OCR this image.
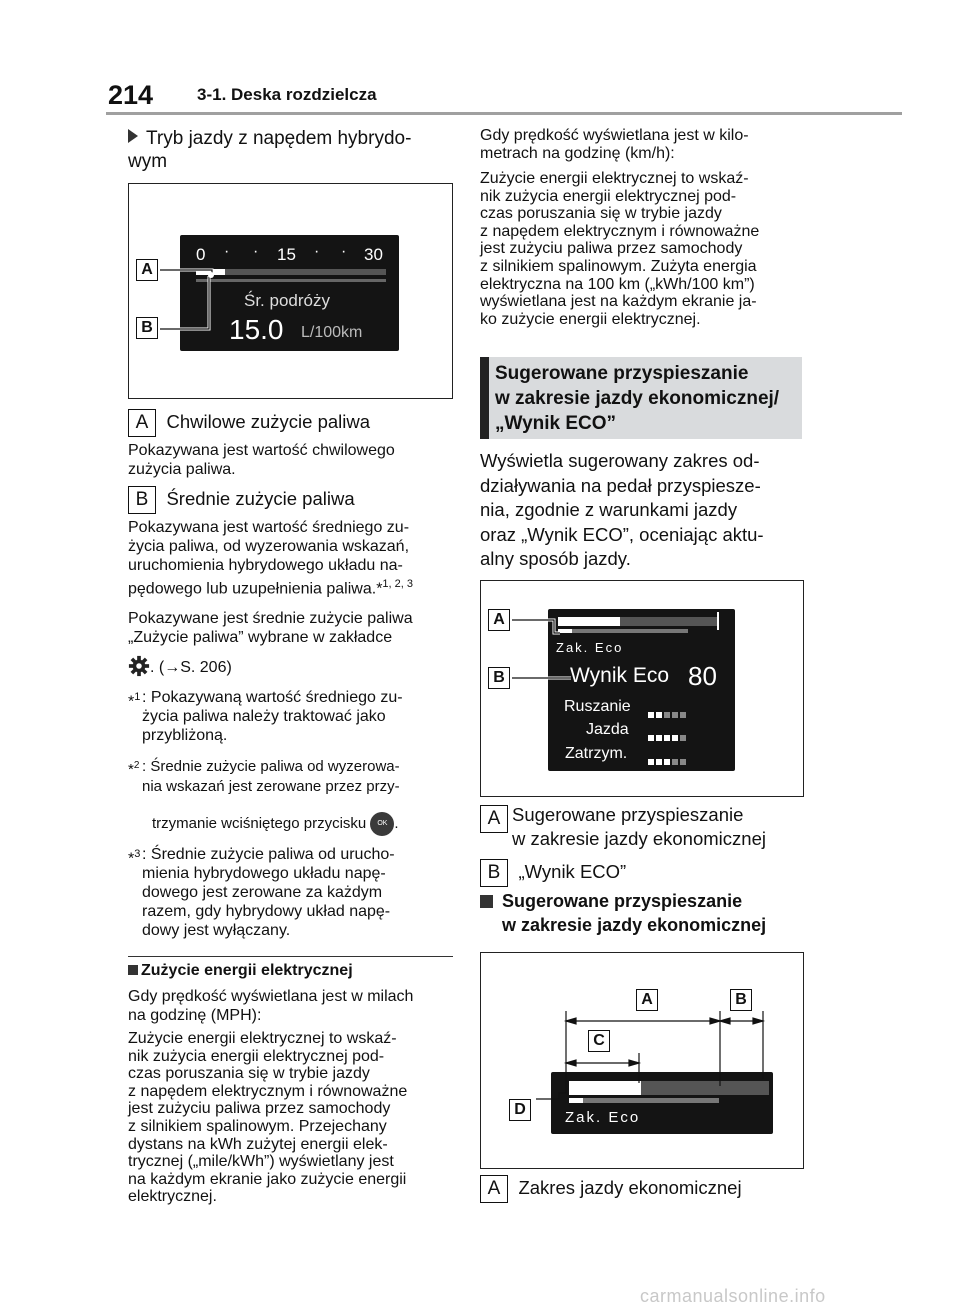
214	3-1. Deska rozdzielcza
Tryb jazdy z napędem hybrydo-
wym
0 · · 15 · · 30
Śr. podróży
15.0 L/100km
A
B
A Chwilowe zużycie paliwa
Pokazywana jest wartość chwilowego
zużycia paliwa.
B Średnie zużycie paliwa
Pokazywana jest wartość średniego zu-
życia paliwa, od wyzerowania wskazań,
uruchomienia hybrydowego układu na-
pędowego lub uzupełnienia paliwa.*$^{1, 2, 3}$
Pokazywane jest średnie zużycie paliwa
„Zużycie paliwa” wybrane w zakładce
. (→S. 206)
*$^1$ : Pokazywaną wartość średniego zu-
życia paliwa należy traktować jako
przybliżoną.
*$^2$ : Średnie zużycie paliwa od wyzerowa-
nia wskazań jest zerowane przez przy-
trzymanie wciśniętego przycisku OK .
*$^3$ : Średnie zużycie paliwa od urucho-
mienia hybrydowego układu napę-
dowego jest zerowane za każdym
razem, gdy hybrydowy układ napę-
dowy jest wyłączany.
Zużycie energii elektrycznej
Gdy prędkość wyświetlana jest w milach
na godzinę (MPH):
Zużycie energii elektrycznej to wskaź-
nik zużycia energii elektrycznej pod-
czas poruszania się w trybie jazdy
z napędem elektrycznym i równoważne
jest zużyciu paliwa przez samochody
z silnikiem spalinowym. Przejechany
dystans na kWh zużytej energii elek-
trycznej („mile/kWh”) wyświetlany jest
na każdym ekranie jako zużycie energii
elektrycznej.
Gdy prędkość wyświetlana jest w kilo-
metrach na godzinę (km/h):
Zużycie energii elektrycznej to wskaź-
nik zużycia energii elektrycznej pod-
czas poruszania się w trybie jazdy
z napędem elektrycznym i równoważne
jest zużyciu paliwa przez samochody
z silnikiem spalinowym. Zużyta energia
elektryczna na 100 km („kWh/100 km”)
wyświetlana jest na każdym ekranie ja-
ko zużycie energii elektrycznej.
Sugerowane przyspieszanie
w zakresie jazdy ekonomicznej/
„Wynik ECO”
Wyświetla sugerowany zakres od-
działywania na pedał przyspiesze-
nia, zgodnie z warunkami jazdy
oraz „Wynik ECO”, oceniając aktu-
alny sposób jazdy.
Zak. Eco
Wynik Eco 80
Ruszanie
Jazda
Zatrzym.
A
B
A Sugerowane przyspieszanie
w zakresie jazdy ekonomicznej
B „Wynik ECO”
Sugerowane przyspieszanie
w zakresie jazdy ekonomicznej
Zak. Eco
A	B
C
D
A Zakres jazdy ekonomicznej
carmanualsonline.info
